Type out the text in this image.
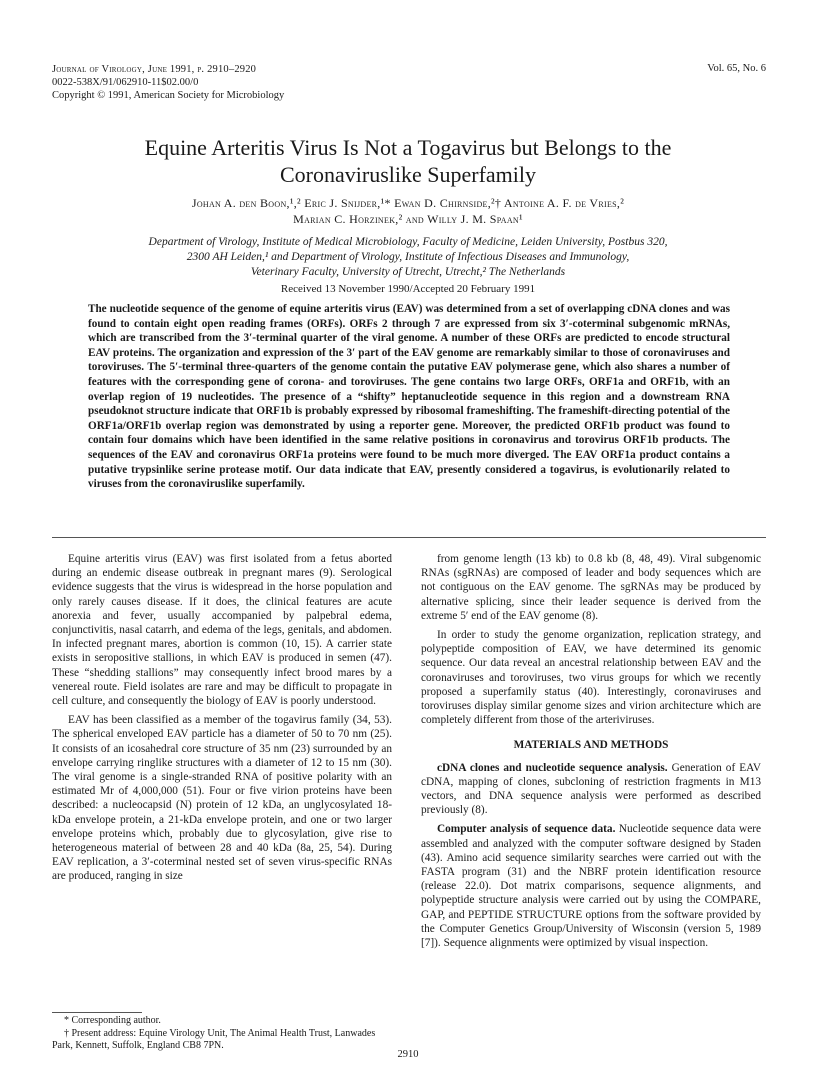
Journal of Virology, June 1991, p. 2910–2920
0022-538X/91/062910-11$02.00/0
Copyright © 1991, American Society for Microbiology
Vol. 65, No. 6
Equine Arteritis Virus Is Not a Togavirus but Belongs to the
Coronaviruslike Superfamily
Johan A. den Boon,¹,² Eric J. Snijder,¹* Ewan D. Chirnside,²† Antoine A. F. de Vries,²
Marian C. Horzinek,² and Willy J. M. Spaan¹
Department of Virology, Institute of Medical Microbiology, Faculty of Medicine, Leiden University, Postbus 320,
2300 AH Leiden,¹ and Department of Virology, Institute of Infectious Diseases and Immunology,
Veterinary Faculty, University of Utrecht, Utrecht,² The Netherlands
Received 13 November 1990/Accepted 20 February 1991
The nucleotide sequence of the genome of equine arteritis virus (EAV) was determined from a set of overlapping cDNA clones and was found to contain eight open reading frames (ORFs). ORFs 2 through 7 are expressed from six 3′-coterminal subgenomic mRNAs, which are transcribed from the 3′-terminal quarter of the viral genome. A number of these ORFs are predicted to encode structural EAV proteins. The organization and expression of the 3′ part of the EAV genome are remarkably similar to those of coronaviruses and toroviruses. The 5′-terminal three-quarters of the genome contain the putative EAV polymerase gene, which also shares a number of features with the corresponding gene of corona- and toroviruses. The gene contains two large ORFs, ORF1a and ORF1b, with an overlap region of 19 nucleotides. The presence of a “shifty” heptanucleotide sequence in this region and a downstream RNA pseudoknot structure indicate that ORF1b is probably expressed by ribosomal frameshifting. The frameshift-directing potential of the ORF1a/ORF1b overlap region was demonstrated by using a reporter gene. Moreover, the predicted ORF1b product was found to contain four domains which have been identified in the same relative positions in coronavirus and torovirus ORF1b products. The sequences of the EAV and coronavirus ORF1a proteins were found to be much more diverged. The EAV ORF1a product contains a putative trypsinlike serine protease motif. Our data indicate that EAV, presently considered a togavirus, is evolutionarily related to viruses from the coronaviruslike superfamily.

Equine arteritis virus (EAV) was first isolated from a fetus aborted during an endemic disease outbreak in pregnant mares (9). Serological evidence suggests that the virus is widespread in the horse population and only rarely causes disease. If it does, the clinical features are acute anorexia and fever, usually accompanied by palpebral edema, conjunctivitis, nasal catarrh, and edema of the legs, genitals, and abdomen. In infected pregnant mares, abortion is common (10, 15). A carrier state exists in seropositive stallions, in which EAV is produced in semen (47). These “shedding stallions” may consequently infect brood mares by a venereal route. Field isolates are rare and may be difficult to propagate in cell culture, and consequently the biology of EAV is poorly understood.

EAV has been classified as a member of the togavirus family (34, 53). The spherical enveloped EAV particle has a diameter of 50 to 70 nm (25). It consists of an icosahedral core structure of 35 nm (23) surrounded by an envelope carrying ringlike structures with a diameter of 12 to 15 nm (30). The viral genome is a single-stranded RNA of positive polarity with an estimated Mr of 4,000,000 (51). Four or five virion proteins have been described: a nucleocapsid (N) protein of 12 kDa, an unglycosylated 18-kDa envelope protein, a 21-kDa envelope protein, and one or two larger envelope proteins which, probably due to glycosylation, give rise to heterogeneous material of between 28 and 40 kDa (8a, 25, 54). During EAV replication, a 3′-coterminal nested set of seven virus-specific RNAs are produced, ranging in size

from genome length (13 kb) to 0.8 kb (8, 48, 49). Viral subgenomic RNAs (sgRNAs) are composed of leader and body sequences which are not contiguous on the EAV genome. The sgRNAs may be produced by alternative splicing, since their leader sequence is derived from the extreme 5′ end of the EAV genome (8).

In order to study the genome organization, replication strategy, and polypeptide composition of EAV, we have determined its genomic sequence. Our data reveal an ancestral relationship between EAV and the coronaviruses and toroviruses, two virus groups for which we recently proposed a superfamily status (40). Interestingly, coronaviruses and toroviruses display similar genome sizes and virion architecture which are completely different from those of the arteriviruses.

MATERIALS AND METHODS

cDNA clones and nucleotide sequence analysis. Generation of EAV cDNA, mapping of clones, subcloning of restriction fragments in M13 vectors, and DNA sequence analysis were performed as described previously (8).

Computer analysis of sequence data. Nucleotide sequence data were assembled and analyzed with the computer software designed by Staden (43). Amino acid sequence similarity searches were carried out with the FASTA program (31) and the NBRF protein identification resource (release 22.0). Dot matrix comparisons, sequence alignments, and polypeptide structure analysis were carried out by using the COMPARE, GAP, and PEPTIDE STRUCTURE options from the software provided by the Computer Genetics Group/University of Wisconsin (version 5, 1989 [7]). Sequence alignments were optimized by visual inspection.

* Corresponding author.
† Present address: Equine Virology Unit, The Animal Health Trust, Lanwades Park, Kennett, Suffolk, England CB8 7PN.
2910
